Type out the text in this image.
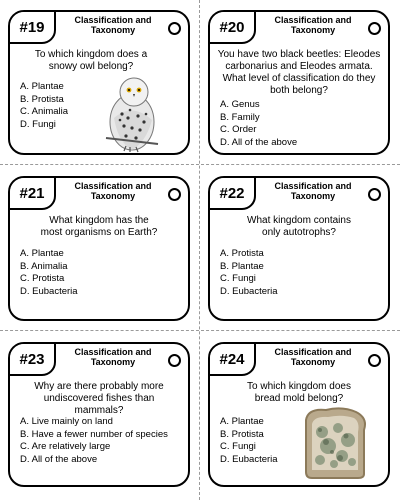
#19	Classification and Taxonomy
To which kingdom does a snowy owl belong?
A. Plantae
B. Protista
C. Animalia
D. Fungi
#20	Classification and Taxonomy
You have two black beetles: Eleodes carbonarius and Eleodes armata. What level of classification do they both belong?
A. Genus
B. Family
C. Order
D. All of the above
#21	Classification and Taxonomy
What kingdom has the most organisms on Earth?
A. Plantae
B. Animalia
C. Protista
D. Eubacteria
#22	Classification and Taxonomy
What kingdom contains only autotrophs?
A. Protista
B. Plantae
C. Fungi
D. Eubacteria
#23	Classification and Taxonomy
Why are there probably more undiscovered fishes than mammals?
A. Live mainly on land
B. Have a fewer number of species
C. Are relatively large
D. All of the above
#24	Classification and Taxonomy
To which kingdom does bread mold belong?
A. Plantae
B. Protista
C. Fungi
D. Eubacteria
